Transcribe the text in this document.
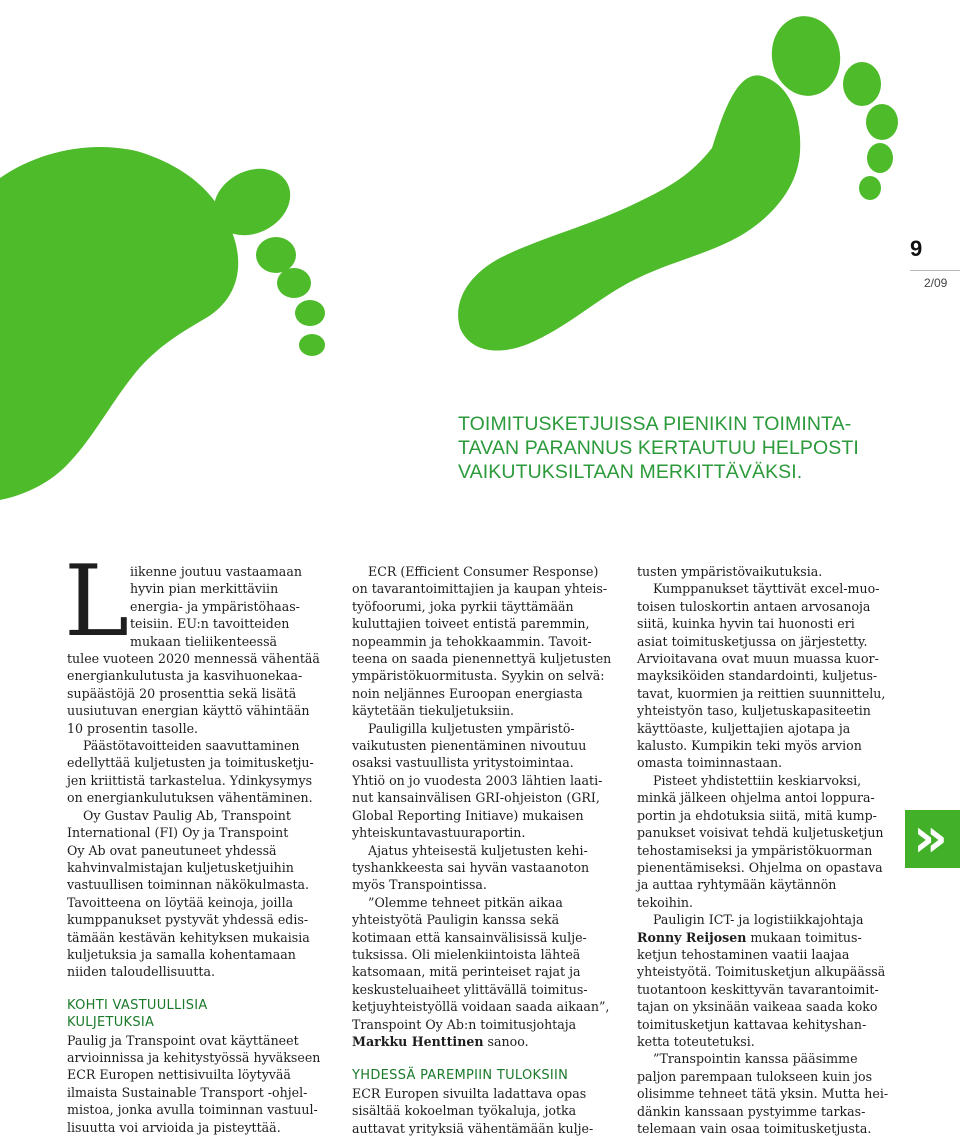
9
2/09
TOIMITUSKETJUISSA PIENIKIN TOIMINTA-
TAVAN PARANNUS KERTAUTUU HELPOSTI
VAIKUTUKSILTAAN MERKITTÄVÄKSI.
L iikenne joutuu vastaamaan
hyvin pian merkittäviin
energia- ja ympäristöhaas-
teisiin. EU:n tavoitteiden
mukaan tieliikenteessä
tulee vuoteen 2020 mennessä vähentää
energiankulutusta ja kasvihuonekaa-
supäästöjä 20 prosenttia sekä lisätä
uusiutuvan energian käyttö vähintään
10 prosentin tasolle.
Päästötavoitteiden saavuttaminen
edellyttää kuljetusten ja toimitusketju-
jen kriittistä tarkastelua. Ydinkysymys
on energiankulutuksen vähentäminen.
Oy Gustav Paulig Ab, Transpoint
International (FI) Oy ja Transpoint
Oy Ab ovat paneutuneet yhdessä
kahvinvalmistajan kuljetusketjuihin
vastuullisen toiminnan näkökulmasta.
Tavoitteena on löytää keinoja, joilla
kumppanukset pystyvät yhdessä edis-
tämään kestävän kehityksen mukaisia
kuljetuksia ja samalla kohentamaan
niiden taloudellisuutta.
KOHTI VASTUULLISIA
KULJETUKSIA
Paulig ja Transpoint ovat käyttäneet
arvioinnissa ja kehitystyössä hyväkseen
ECR Europen nettisivuilta löytyvää
ilmaista Sustainable Transport -ohjel-
mistoa, jonka avulla toiminnan vastuul-
lisuutta voi arvioida ja pisteyttää.
ECR (Efficient Consumer Response)
on tavarantoimittajien ja kaupan yhteis-
työfoorumi, joka pyrkii täyttämään
kuluttajien toiveet entistä paremmin,
nopeammin ja tehokkaammin. Tavoit-
teena on saada pienennettyä kuljetusten
ympäristökuormitusta. Syykin on selvä:
noin neljännes Euroopan energiasta
käytetään tiekuljetuksiin.
Pauligilla kuljetusten ympäristö-
vaikutusten pienentäminen nivoutuu
osaksi vastuullista yritystoimintaa.
Yhtiö on jo vuodesta 2003 lähtien laati-
nut kansainvälisen GRI-ohjeiston (GRI,
Global Reporting Initiave) mukaisen
yhteiskuntavastuuraportin.
Ajatus yhteisestä kuljetusten kehi-
tyshankkeesta sai hyvän vastaanoton
myös Transpointissa.
”Olemme tehneet pitkän aikaa
yhteistyötä Pauligin kanssa sekä
kotimaan että kansainvälisissä kulje-
tuksissa. Oli mielenkiintoista lähteä
katsomaan, mitä perinteiset rajat ja
keskusteluaiheet ylittävällä toimitus-
ketjuyhteistyöllä voidaan saada aikaan”,
Transpoint Oy Ab:n toimitusjohtaja
Markku Henttinen sanoo.
YHDESSÄ PAREMPIIN TULOKSIIN
ECR Europen sivuilta ladattava opas
sisältää kokoelman työkaluja, jotka
auttavat yrityksiä vähentämään kulje-
tusten ympäristövaikutuksia.
Kumppanukset täyttivät excel-muo-
toisen tuloskortin antaen arvosanoja
siitä, kuinka hyvin tai huonosti eri
asiat toimitusketjussa on järjestetty.
Arvioitavana ovat muun muassa kuor-
mayksiköiden standardointi, kuljetus-
tavat, kuormien ja reittien suunnittelu,
yhteistyön taso, kuljetuskapasiteetin
käyttöaste, kuljettajien ajotapa ja
kalusto. Kumpikin teki myös arvion
omasta toiminnastaan.
Pisteet yhdistettiin keskiarvoksi,
minkä jälkeen ohjelma antoi loppura-
portin ja ehdotuksia siitä, mitä kump-
panukset voisivat tehdä kuljetusketjun
tehostamiseksi ja ympäristökuorman
pienentämiseksi. Ohjelma on opastava
ja auttaa ryhtymään käytännön
tekoihin.
Pauligin ICT- ja logistiikkajohtaja
Ronny Reijosen mukaan toimitus-
ketjun tehostaminen vaatii laajaa
yhteistyötä. Toimitusketjun alkupäässä
tuotantoon keskittyvän tavarantoimit-
tajan on yksinään vaikeaa saada koko
toimitusketjun kattavaa kehityshan-
ketta toteutetuksi.
”Transpointin kanssa pääsimme
paljon parempaan tulokseen kuin jos
olisimme tehneet tätä yksin. Mutta hei-
dänkin kanssaan pystyimme tarkas-
telemaan vain osaa toimitusketjusta.
»
